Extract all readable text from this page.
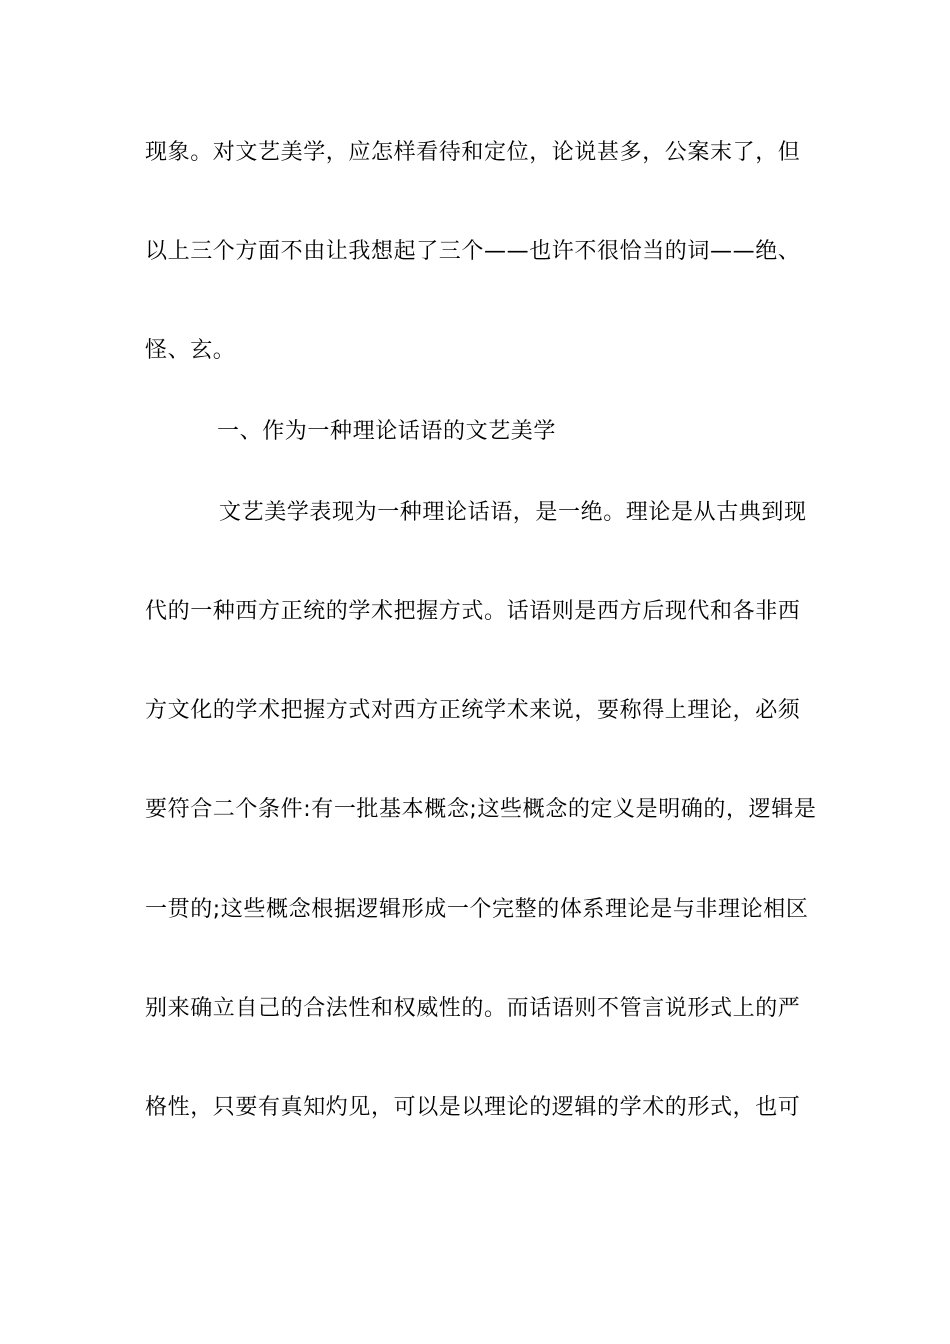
现象。对文艺美学，应怎样看待和定位，论说甚多，公案末了，但
以上三个方面不由让我想起了三个——也许不很恰当的词——绝、
怪、玄。
一、作为一种理论话语的文艺美学
文艺美学表现为一种理论话语，是一绝。理论是从古典到现
代的一种西方正统的学术把握方式。话语则是西方后现代和各非西
方文化的学术把握方式对西方正统学术来说，要称得上理论，必须
要符合二个条件:有一批基本概念;这些概念的定义是明确的，逻辑是
一贯的;这些概念根据逻辑形成一个完整的体系理论是与非理论相区
别来确立自己的合法性和权威性的。而话语则不管言说形式上的严
格性，只要有真知灼见，可以是以理论的逻辑的学术的形式，也可
